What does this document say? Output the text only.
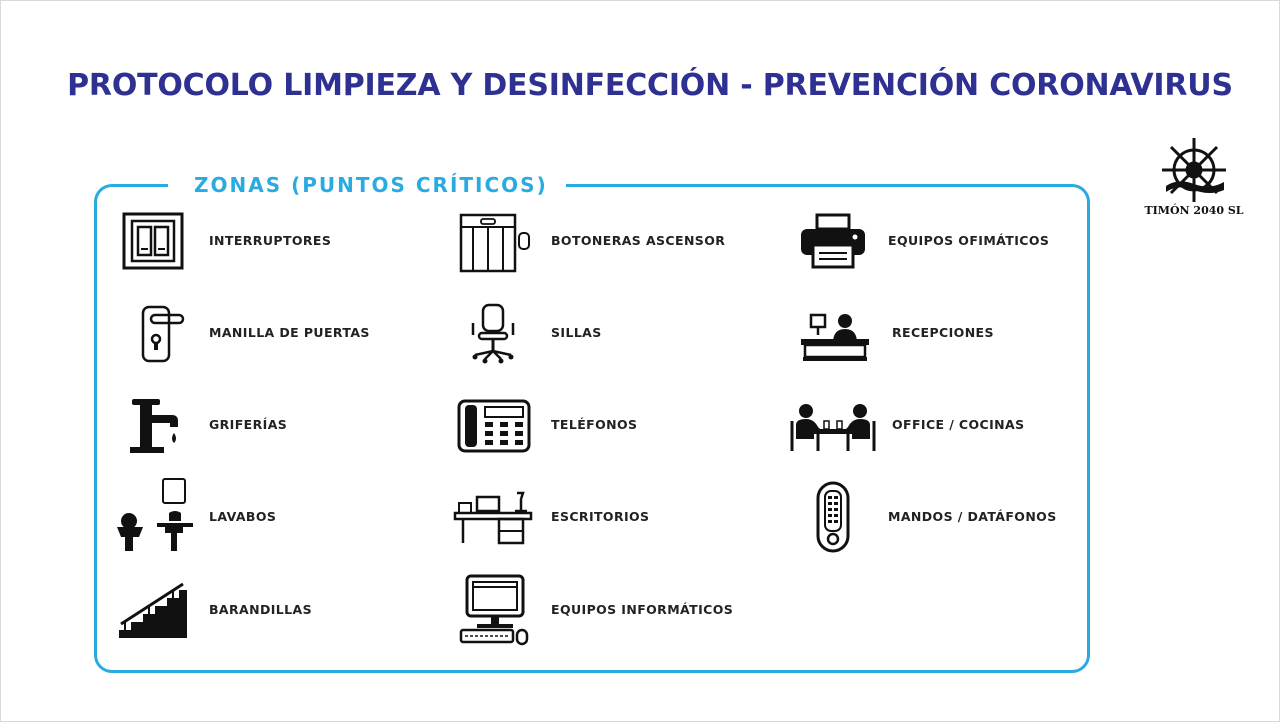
PROTOCOLO LIMPIEZA Y DESINFECCIÓN - PREVENCIÓN CORONAVIRUS
TIMÓN 2040 SL
ZONAS (PUNTOS CRÍTICOS)
INTERRUPTORES
MANILLA DE PUERTAS
GRIFERÍAS
LAVABOS
BARANDILLAS
BOTONERAS ASCENSOR
SILLAS
TELÉFONOS
ESCRITORIOS
EQUIPOS INFORMÁTICOS
EQUIPOS OFIMÁTICOS
RECEPCIONES
OFFICE / COCINAS
MANDOS / DATÁFONOS
